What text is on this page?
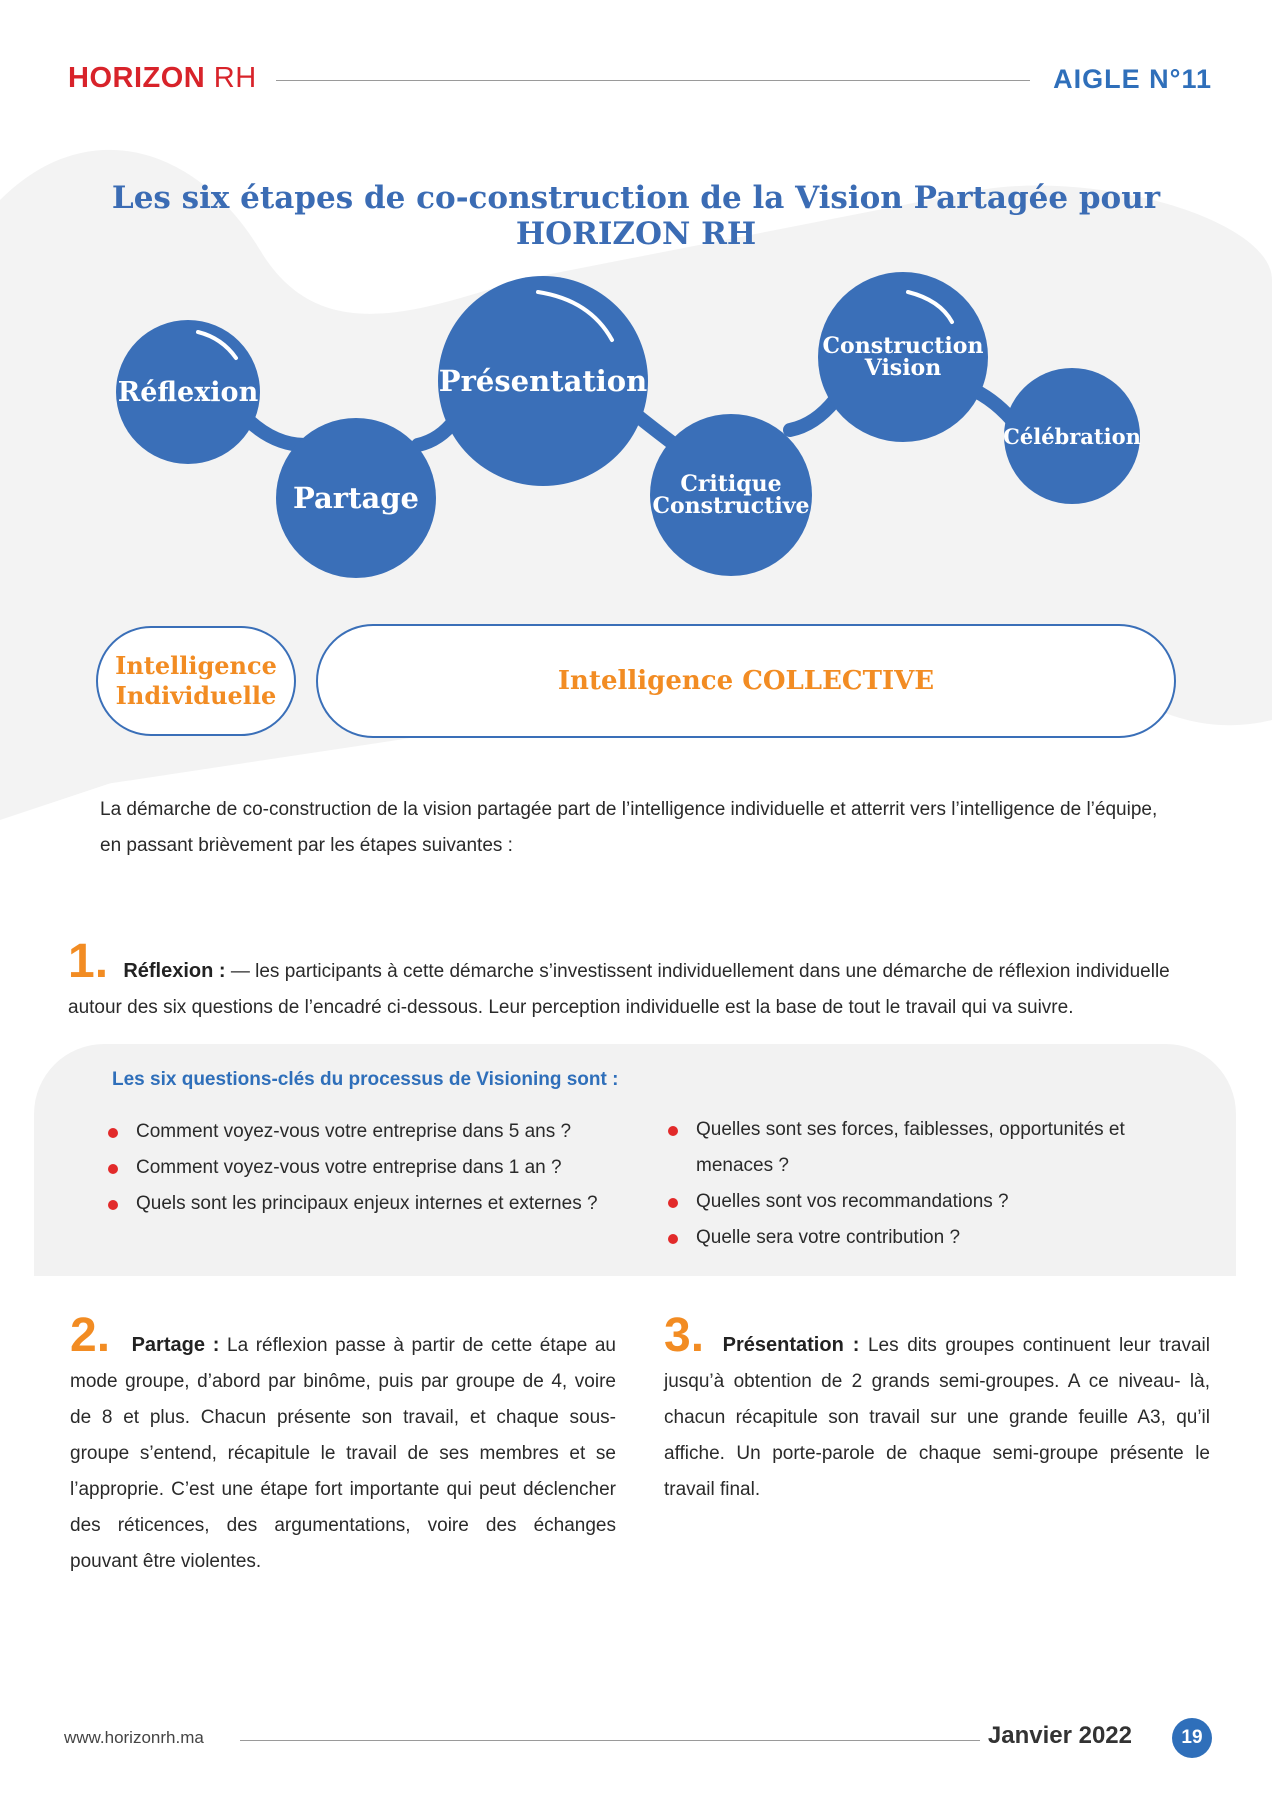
HORIZON RH	AIGLE N°11
Les six étapes de co-construction de la Vision Partagée pour HORIZON RH
Réflexion
Partage
Présentation
Critique
Constructive
Construction
Vision
Célébration
Intelligence
Individuelle	Intelligence COLLECTIVE
La démarche de co-construction de la vision partagée part de l’intelligence individuelle et atterrit vers l’intelligence de l’équipe, en passant brièvement par les étapes suivantes :
1. Réflexion : — les participants à cette démarche s’investissent individuellement dans une démarche de réflexion individuelle autour des six questions de l’encadré ci-dessous. Leur perception individuelle est la base de tout le travail qui va suivre.
Les six questions-clés du processus de Visioning sont :
Comment voyez-vous votre entreprise dans 5 ans ?
Comment voyez-vous votre entreprise dans 1 an ?
Quels sont les principaux enjeux internes et externes ?
Quelles sont ses forces, faiblesses, opportunités et menaces ?
Quelles sont vos recommandations ?
Quelle sera votre contribution ?
2. Partage : La réflexion passe à partir de cette étape au mode groupe, d’abord par binôme, puis par groupe de 4, voire de 8 et plus. Chacun présente son travail, et chaque sous-groupe s’entend, récapitule le travail de ses membres et se l’approprie. C’est une étape fort importante qui peut déclencher des réticences, des argumentations, voire des échanges pouvant être violentes.
3. Présentation : Les dits groupes continuent leur travail jusqu’à obtention de 2 grands semi-groupes. A ce niveau- là, chacun récapitule son travail sur une grande feuille A3, qu’il affiche. Un porte-parole de chaque semi-groupe présente le travail final.
www.horizonrh.ma	Janvier 2022	19
